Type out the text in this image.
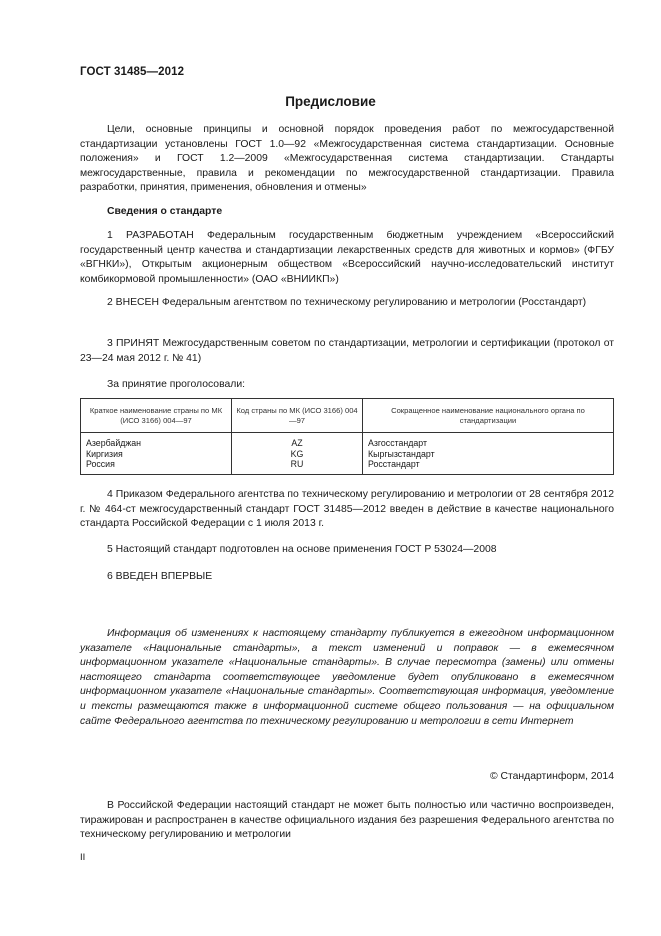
ГОСТ 31485—2012
Предисловие

Цели, основные принципы и основной порядок проведения работ по межгосударственной стандартизации установлены ГОСТ 1.0—92 «Межгосударственная система стандартизации. Основные положения» и ГОСТ 1.2—2009 «Межгосударственная система стандартизации. Стандарты межгосударственные, правила и рекомендации по межгосударственной стандартизации. Правила разработки, принятия, применения, обновления и отмены»

Сведения о стандарте

1 РАЗРАБОТАН Федеральным государственным бюджетным учреждением «Всероссийский государственный центр качества и стандартизации лекарственных средств для животных и кормов» (ФГБУ «ВГНКИ»), Открытым акционерным обществом «Всероссийский научно-исследовательский институт комбикормовой промышленности» (ОАО «ВНИИКП»)

2 ВНЕСЕН Федеральным агентством по техническому регулированию и метрологии (Росстандарт)

3 ПРИНЯТ Межгосударственным советом по стандартизации, метрологии и сертификации (протокол от 23—24 мая 2012 г. № 41)

За принятие проголосовали:
Краткое наименование страны по МК (ИСО 3166) 004—97	Код страны по МК (ИСО 3166) 004—97	Сокращенное наименование национального органа по стандартизации
Азербайджан	AZ	Азгосстандарт
Киргизия	KG	Кыргызстандарт
Россия	RU	Росстандарт

4 Приказом Федерального агентства по техническому регулированию и метрологии от 28 сентября 2012 г. № 464-ст межгосударственный стандарт ГОСТ 31485—2012 введен в действие в качестве национального стандарта Российской Федерации с 1 июля 2013 г.

5 Настоящий стандарт подготовлен на основе применения ГОСТ Р 53024—2008

6 ВВЕДЕН ВПЕРВЫЕ

Информация об изменениях к настоящему стандарту публикуется в ежегодном информационном указателе «Национальные стандарты», а текст изменений и поправок — в ежемесячном информационном указателе «Национальные стандарты». В случае пересмотра (замены) или отмены настоящего стандарта соответствующее уведомление будет опубликовано в ежемесячном информационном указателе «Национальные стандарты». Соответствующая информация, уведомление и тексты размещаются также в информационной системе общего пользования — на официальном сайте Федерального агентства по техническому регулированию и метрологии в сети Интернет

© Стандартинформ, 2014

В Российской Федерации настоящий стандарт не может быть полностью или частично воспроизведен, тиражирован и распространен в качестве официального издания без разрешения Федерального агентства по техническому регулированию и метрологии

II
